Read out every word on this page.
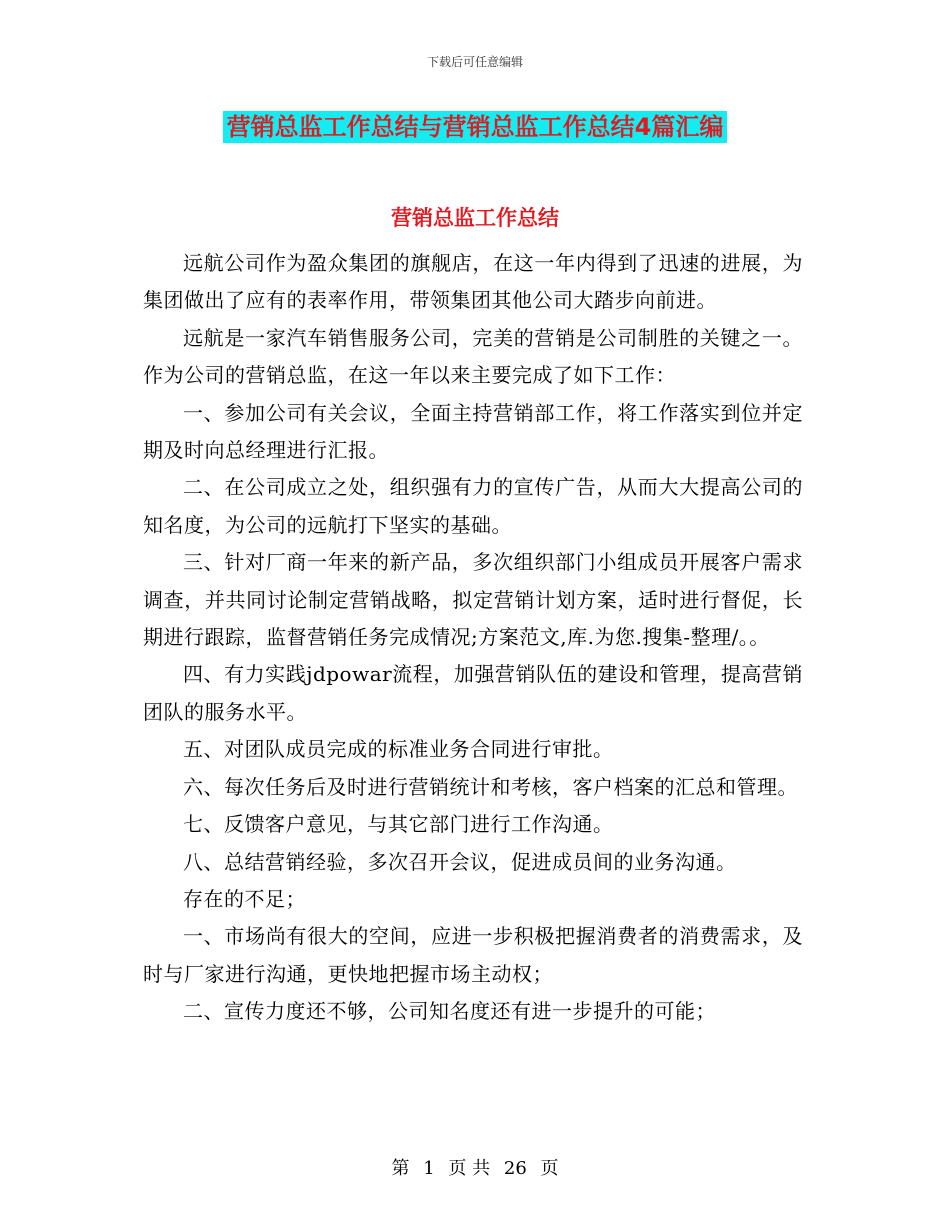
下载后可任意编辑
营销总监工作总结与营销总监工作总结4篇汇编
营销总监工作总结

远航公司作为盈众集团的旗舰店，在这一年内得到了迅速的进展，为集团做出了应有的表率作用，带领集团其他公司大踏步向前进。

远航是一家汽车销售服务公司，完美的营销是公司制胜的关键之一。作为公司的营销总监，在这一年以来主要完成了如下工作：

一、参加公司有关会议，全面主持营销部工作，将工作落实到位并定期及时向总经理进行汇报。

二、在公司成立之处，组织强有力的宣传广告，从而大大提高公司的知名度，为公司的远航打下坚实的基础。

三、针对厂商一年来的新产品，多次组织部门小组成员开展客户需求调查，并共同讨论制定营销战略，拟定营销计划方案，适时进行督促，长期进行跟踪，监督营销任务完成情况;方案范文,库.为您.搜集-整理/。。

四、有力实践jdpowar流程，加强营销队伍的建设和管理，提高营销团队的服务水平。

五、对团队成员完成的标准业务合同进行审批。

六、每次任务后及时进行营销统计和考核，客户档案的汇总和管理。

七、反馈客户意见，与其它部门进行工作沟通。

八、总结营销经验，多次召开会议，促进成员间的业务沟通。

存在的不足；

一、市场尚有很大的空间，应进一步积极把握消费者的消费需求，及时与厂家进行沟通，更快地把握市场主动权；

二、宣传力度还不够，公司知名度还有进一步提升的可能；

第 1 页 共 26 页
